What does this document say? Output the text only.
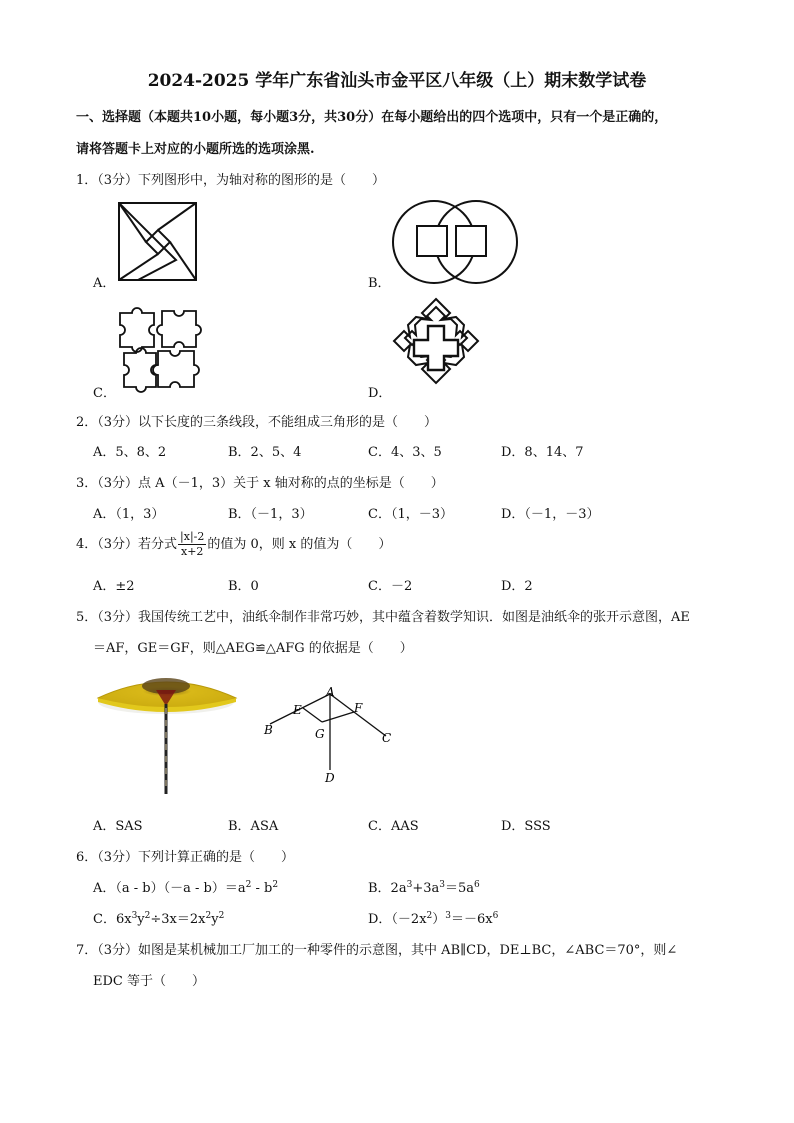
2024-2025 学年广东省汕头市金平区八年级（上）期末数学试卷
一、选择题（本题共10小题，每小题3分，共30分）在每小题给出的四个选项中，只有一个是正确的，
请将答题卡上对应的小题所选的选项涂黑.
1．（3分）下列图形中，为轴对称的图形的是（　　）
A．	B．
C．	D．
2．（3分）以下长度的三条线段，不能组成三角形的是（　　）
A．5、8、2	B．2、5、4	C．4、3、5	D．8、14、7
3．（3分）点 A（－1，3）关于 x 轴对称的点的坐标是（　　）
A．（1，3）	B．（－1，3）	C．（1，－3）	D．（－1，－3）
4．（3分）若分式 $\frac{|x|-2}{x+2}$ 的值为 0，则 x 的值为（　　）
A．±2	B．0	C．－2	D．2
5．（3分）我国传统工艺中，油纸伞制作非常巧妙，其中蕴含着数学知识．如图是油纸伞的张开示意图，AE
＝AF，GE＝GF，则△AEG≌△AFG 的依据是（　　）
A
E	F
B	G	C
D
A．SAS	B．ASA	C．AAS	D．SSS
6．（3分）下列计算正确的是（　　）
A．$(a - b)(-a - b)=a^2 - b^2$	B．$2a^3+3a^3=5a^6$
C．$6x^3y^2\div 3x=2x^2y^2$	D．$(-2x^2)^3=-6x^6$
7．（3分）如图是某机械加工厂加工的一种零件的示意图，其中 AB∥CD，DE⊥BC，∠ABC＝70°，则∠
EDC 等于（　　）
